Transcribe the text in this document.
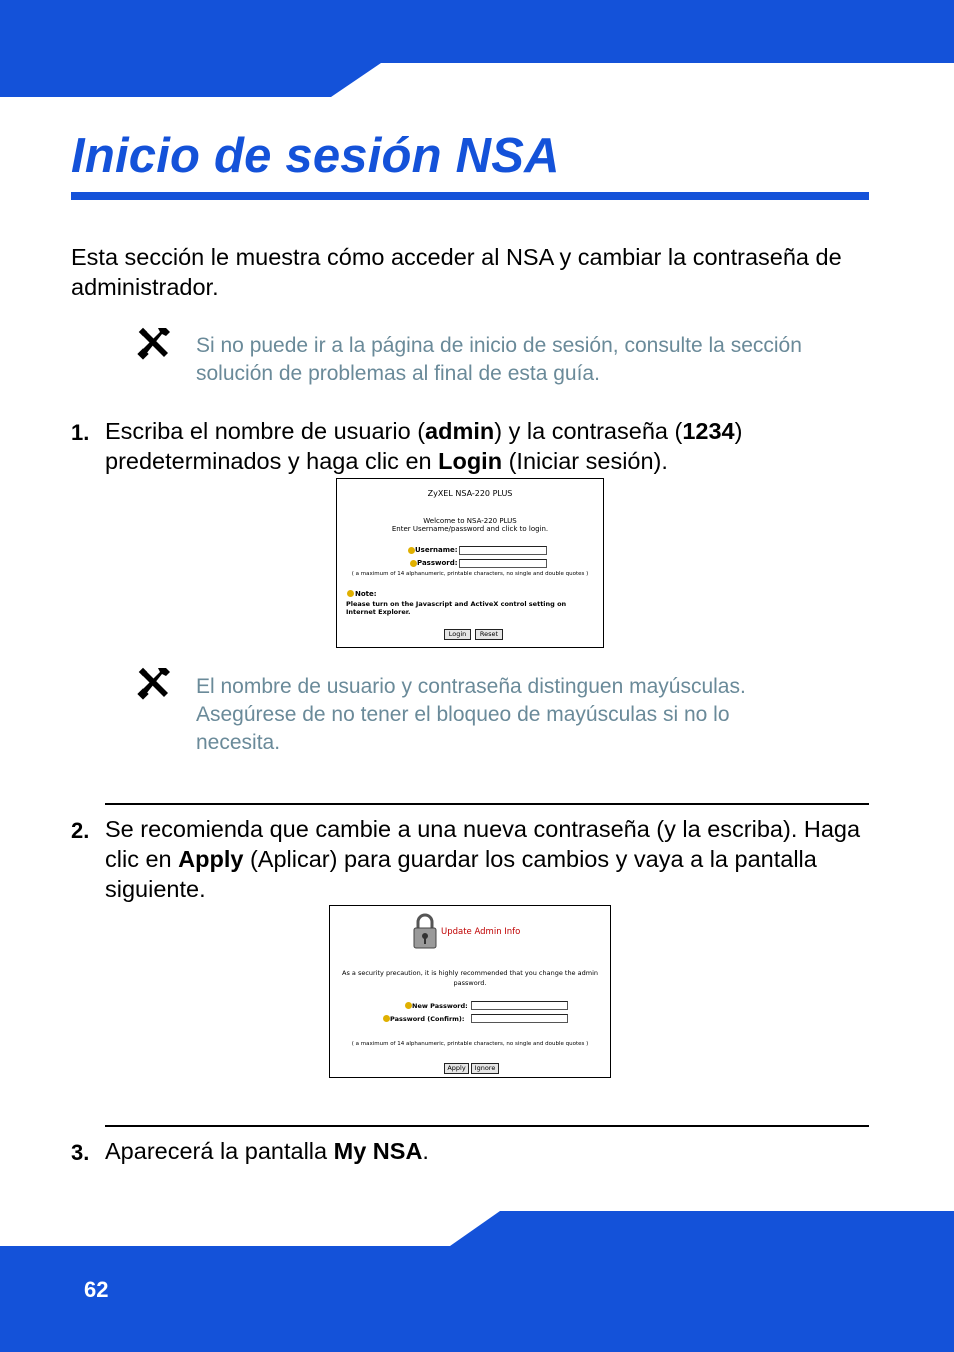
Inicio de sesión NSA
Esta sección le muestra cómo acceder al NSA y cambiar la contraseña de administrador.
Si no puede ir a la página de inicio de sesión, consulte la sección solución de problemas al final de esta guía.
1. Escriba el nombre de usuario (admin) y la contraseña (1234) predeterminados y haga clic en Login (Iniciar sesión).
ZyXEL NSA-220 PLUS
Welcome to NSA-220 PLUS
Enter Username/password and click to login.
Username:
Password:
( a maximum of 14 alphanumeric, printable characters, no single and double quotes )
Note:
Please turn on the Javascript and ActiveX control setting on
Internet Explorer.
Login	Reset
El nombre de usuario y contraseña distinguen mayúsculas. Asegúrese de no tener el bloqueo de mayúsculas si no lo necesita.
2. Se recomienda que cambie a una nueva contraseña (y la escriba). Haga clic en Apply (Aplicar) para guardar los cambios y vaya a la pantalla siguiente.
Update Admin Info
As a security precaution, it is highly recommended that you change the admin
password.
New Password:
Password (Confirm):
( a maximum of 14 alphanumeric, printable characters, no single and double quotes )
Apply	Ignore
3. Aparecerá la pantalla My NSA.
62
